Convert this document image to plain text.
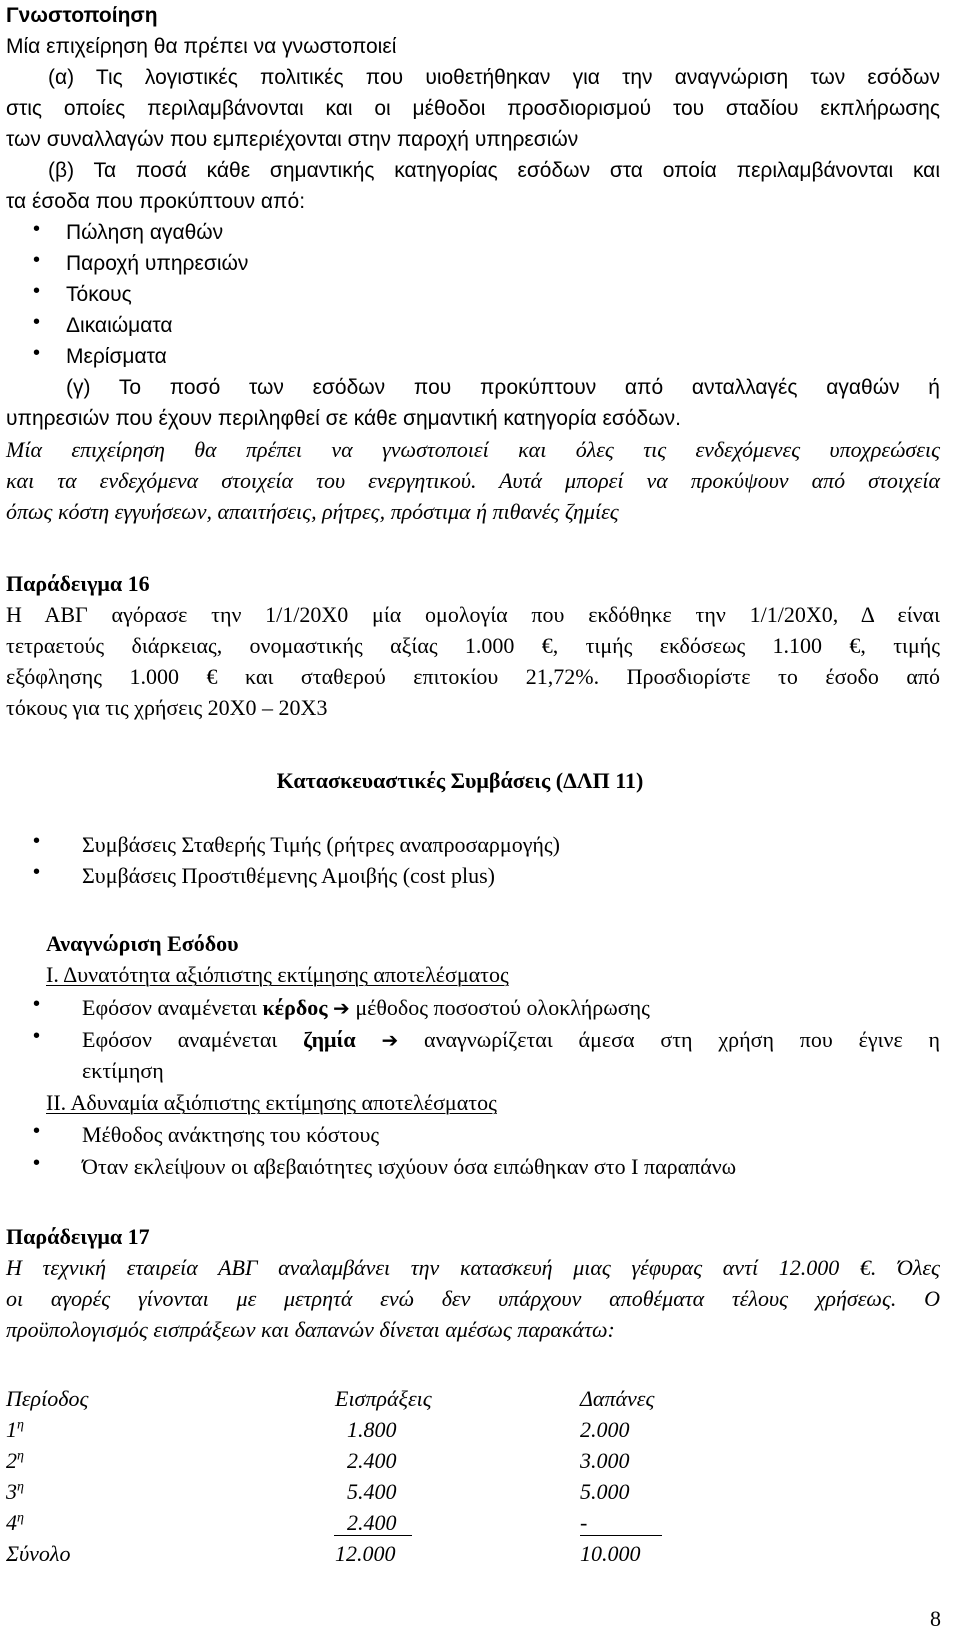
Γνωστοποίηση
Μία επιχείρηση θα πρέπει να γνωστοποιεί
(α) Τις λογιστικές πολιτικές που υιοθετήθηκαν για την αναγνώριση των εσόδων
στις οποίες περιλαμβάνονται και οι μέθοδοι προσδιορισμού του σταδίου εκπλήρωσης
των συναλλαγών που εμπεριέχονται στην παροχή υπηρεσιών
(β) Τα ποσά κάθε σημαντικής κατηγορίας εσόδων στα οποία περιλαμβάνονται και
τα έσοδα που προκύπτουν από:
• Πώληση αγαθών
• Παροχή υπηρεσιών
• Τόκους
• Δικαιώματα
• Μερίσματα
(γ) Το ποσό των εσόδων που προκύπτουν από ανταλλαγές αγαθών ή
υπηρεσιών που έχουν περιληφθεί σε κάθε σημαντική κατηγορία εσόδων.
Μία επιχείρηση θα πρέπει να γνωστοποιεί και όλες τις ενδεχόμενες υποχρεώσεις
και τα ενδεχόμενα στοιχεία του ενεργητικού. Αυτά μπορεί να προκύψουν από στοιχεία
όπως κόστη εγγυήσεων, απαιτήσεις, ρήτρες, πρόστιμα ή πιθανές ζημίες
Παράδειγμα 16
Η ΑΒΓ αγόρασε την 1/1/20Χ0 μία ομολογία που εκδόθηκε την 1/1/20Χ0, Δ είναι
τετραετούς διάρκειας, ονομαστικής αξίας 1.000 €, τιμής εκδόσεως 1.100 €, τιμής
εξόφλησης 1.000 € και σταθερού επιτοκίου 21,72%. Προσδιορίστε το έσοδο από
τόκους για τις χρήσεις 20Χ0 – 20Χ3
Κατασκευαστικές Συμβάσεις (ΔΛΠ 11)
• Συμβάσεις Σταθερής Τιμής (ρήτρες αναπροσαρμογής)
• Συμβάσεις Προστιθέμενης Αμοιβής (cost plus)
Αναγνώριση Εσόδου
Ι. Δυνατότητα αξιόπιστης εκτίμησης αποτελέσματος
• Εφόσον αναμένεται κέρδος ➔ μέθοδος ποσοστού ολοκλήρωσης
• Εφόσον αναμένεται ζημία ➔ αναγνωρίζεται άμεσα στη χρήση που έγινε η
εκτίμηση
ΙΙ. Αδυναμία αξιόπιστης εκτίμησης αποτελέσματος
• Μέθοδος ανάκτησης του κόστους
• Όταν εκλείψουν οι αβεβαιότητες ισχύουν όσα ειπώθηκαν στο Ι παραπάνω
Παράδειγμα 17
Η τεχνική εταιρεία ΑΒΓ αναλαμβάνει την κατασκευή μιας γέφυρας αντί 12.000 €. Όλες
οι αγορές γίνονται με μετρητά ενώ δεν υπάρχουν αποθέματα τέλους χρήσεως. Ο
προϋπολογισμός εισπράξεων και δαπανών δίνεται αμέσως παρακάτω:
Περίοδος	Εισπράξεις	Δαπάνες
$1^\eta$	1.800	2.000
$2^\eta$	2.400	3.000
$3^\eta$	5.400	5.000
$4^\eta$	2.400	-
Σύνολο	12.000	10.000
8
